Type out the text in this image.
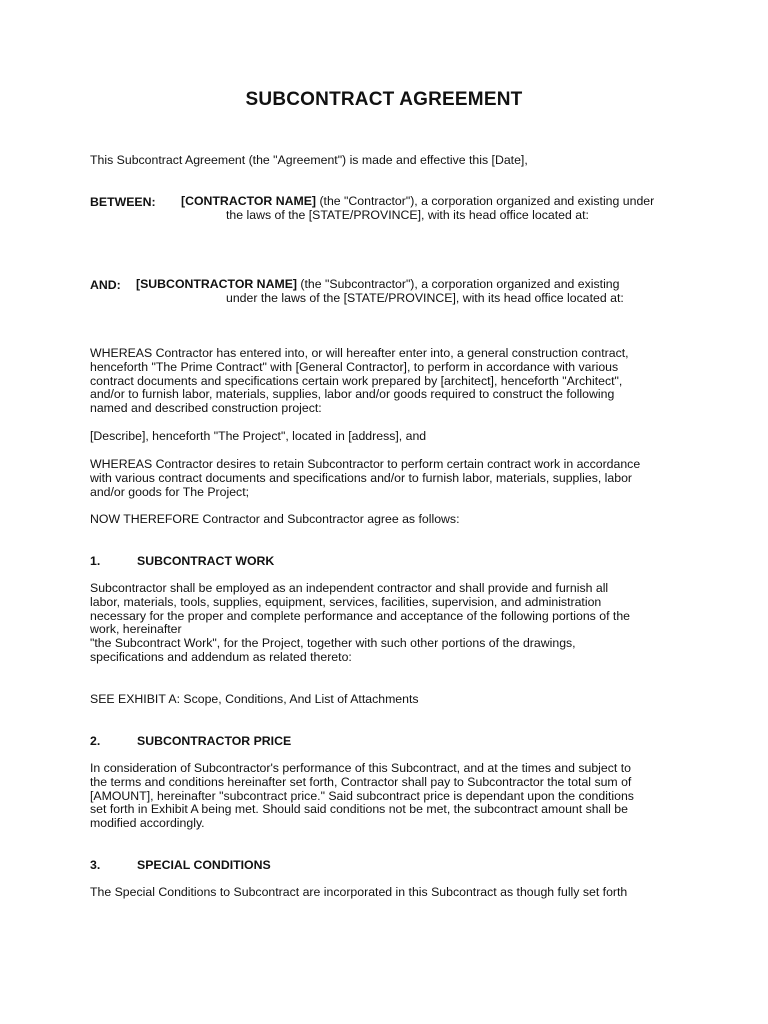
SUBCONTRACT AGREEMENT
This Subcontract Agreement (the "Agreement") is made and effective this [Date],
BETWEEN: [CONTRACTOR NAME] (the "Contractor"), a corporation organized and existing under
the laws of the [STATE/PROVINCE], with its head office located at:
AND: [SUBCONTRACTOR NAME] (the "Subcontractor"), a corporation organized and existing
under the laws of the [STATE/PROVINCE], with its head office located at:
WHEREAS Contractor has entered into, or will hereafter enter into, a general construction contract,
henceforth "The Prime Contract" with [General Contractor], to perform in accordance with various
contract documents and specifications certain work prepared by [architect], henceforth "Architect",
and/or to furnish labor, materials, supplies, labor and/or goods required to construct the following
named and described construction project:
[Describe], henceforth "The Project", located in [address], and
WHEREAS Contractor desires to retain Subcontractor to perform certain contract work in accordance
with various contract documents and specifications and/or to furnish labor, materials, supplies, labor
and/or goods for The Project;
NOW THEREFORE Contractor and Subcontractor agree as follows:
1.	SUBCONTRACT WORK
Subcontractor shall be employed as an independent contractor and shall provide and furnish all
labor, materials, tools, supplies, equipment, services, facilities, supervision, and administration
necessary for the proper and complete performance and acceptance of the following portions of the
work, hereinafter
"the Subcontract Work", for the Project, together with such other portions of the drawings,
specifications and addendum as related thereto:
SEE EXHIBIT A: Scope, Conditions, And List of Attachments
2.	SUBCONTRACTOR PRICE
In consideration of Subcontractor's performance of this Subcontract, and at the times and subject to
the terms and conditions hereinafter set forth, Contractor shall pay to Subcontractor the total sum of
[AMOUNT], hereinafter "subcontract price." Said subcontract price is dependant upon the conditions
set forth in Exhibit A being met. Should said conditions not be met, the subcontract amount shall be
modified accordingly.
3.	SPECIAL CONDITIONS
The Special Conditions to Subcontract are incorporated in this Subcontract as though fully set forth
